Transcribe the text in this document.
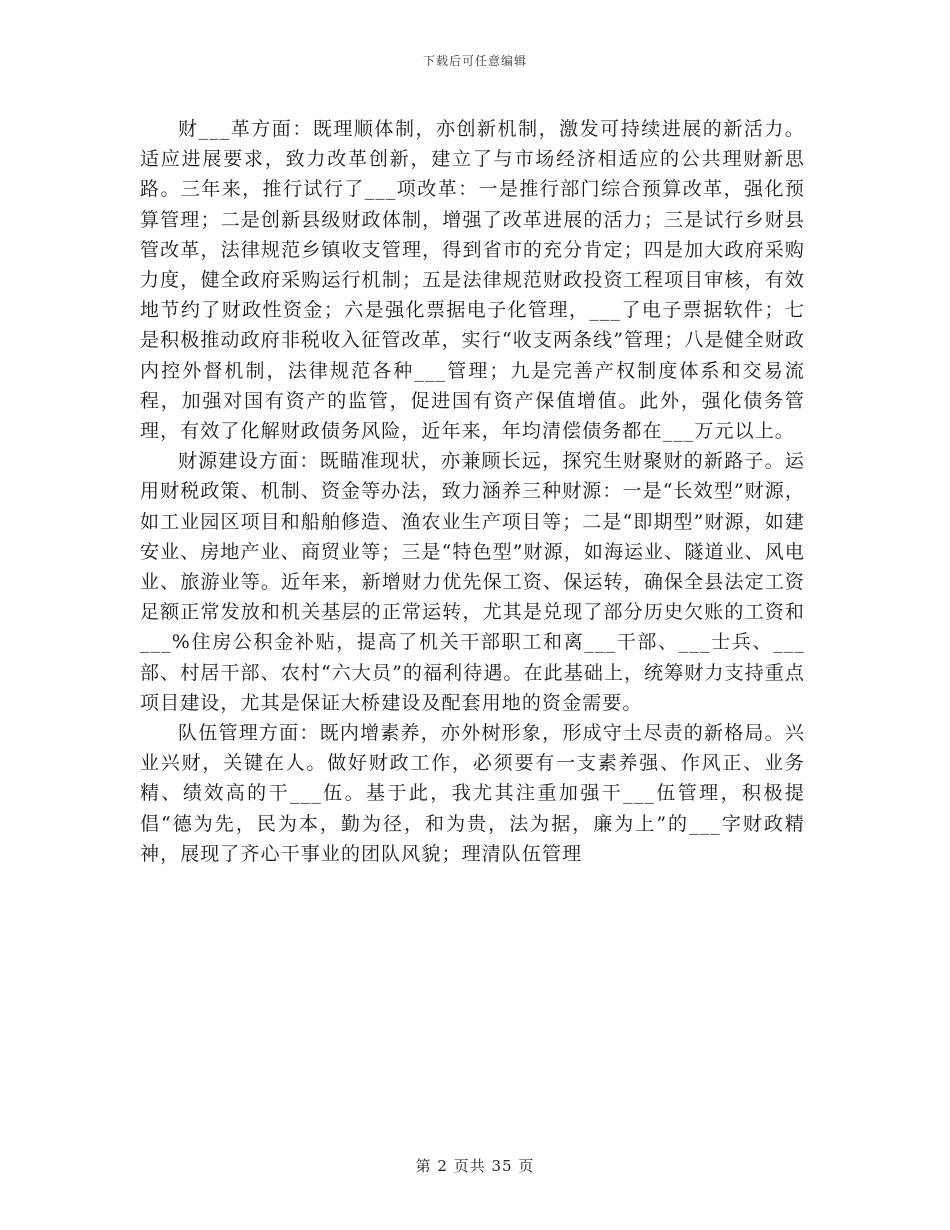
下载后可任意编辑

财___革方面：既理顺体制，亦创新机制，激发可持续进展的新活力。适应进展要求，致力改革创新，建立了与市场经济相适应的公共理财新思路。三年来，推行试行了___项改革：一是推行部门综合预算改革，强化预算管理；二是创新县级财政体制，增强了改革进展的活力；三是试行乡财县管改革，法律规范乡镇收支管理，得到省市的充分肯定；四是加大政府采购力度，健全政府采购运行机制；五是法律规范财政投资工程项目审核，有效地节约了财政性资金；六是强化票据电子化管理，___了电子票据软件；七是积极推动政府非税收入征管改革，实行“收支两条线”管理；八是健全财政内控外督机制，法律规范各种___管理；九是完善产权制度体系和交易流程，加强对国有资产的监管，促进国有资产保值增值。此外，强化债务管理，有效了化解财政债务风险，近年来，年均清偿债务都在___万元以上。

财源建设方面：既瞄准现状，亦兼顾长远，探究生财聚财的新路子。运用财税政策、机制、资金等办法，致力涵养三种财源：一是“长效型”财源，如工业园区项目和船舶修造、渔农业生产项目等；二是“即期型”财源，如建安业、房地产业、商贸业等；三是“特色型”财源，如海运业、隧道业、风电业、旅游业等。近年来，新增财力优先保工资、保运转，确保全县法定工资足额正常发放和机关基层的正常运转，尤其是兑现了部分历史欠账的工资和___%住房公积金补贴，提高了机关干部职工和离___干部、___士兵、___部、村居干部、农村“六大员”的福利待遇。在此基础上，统筹财力支持重点项目建设，尤其是保证大桥建设及配套用地的资金需要。

队伍管理方面：既内增素养，亦外树形象，形成守土尽责的新格局。兴业兴财，关键在人。做好财政工作，必须要有一支素养强、作风正、业务精、绩效高的干___伍。基于此，我尤其注重加强干___伍管理，积极提倡“德为先，民为本，勤为径，和为贵，法为据，廉为上”的___字财政精神，展现了齐心干事业的团队风貌；理清队伍管理

第 2 页共 35 页
